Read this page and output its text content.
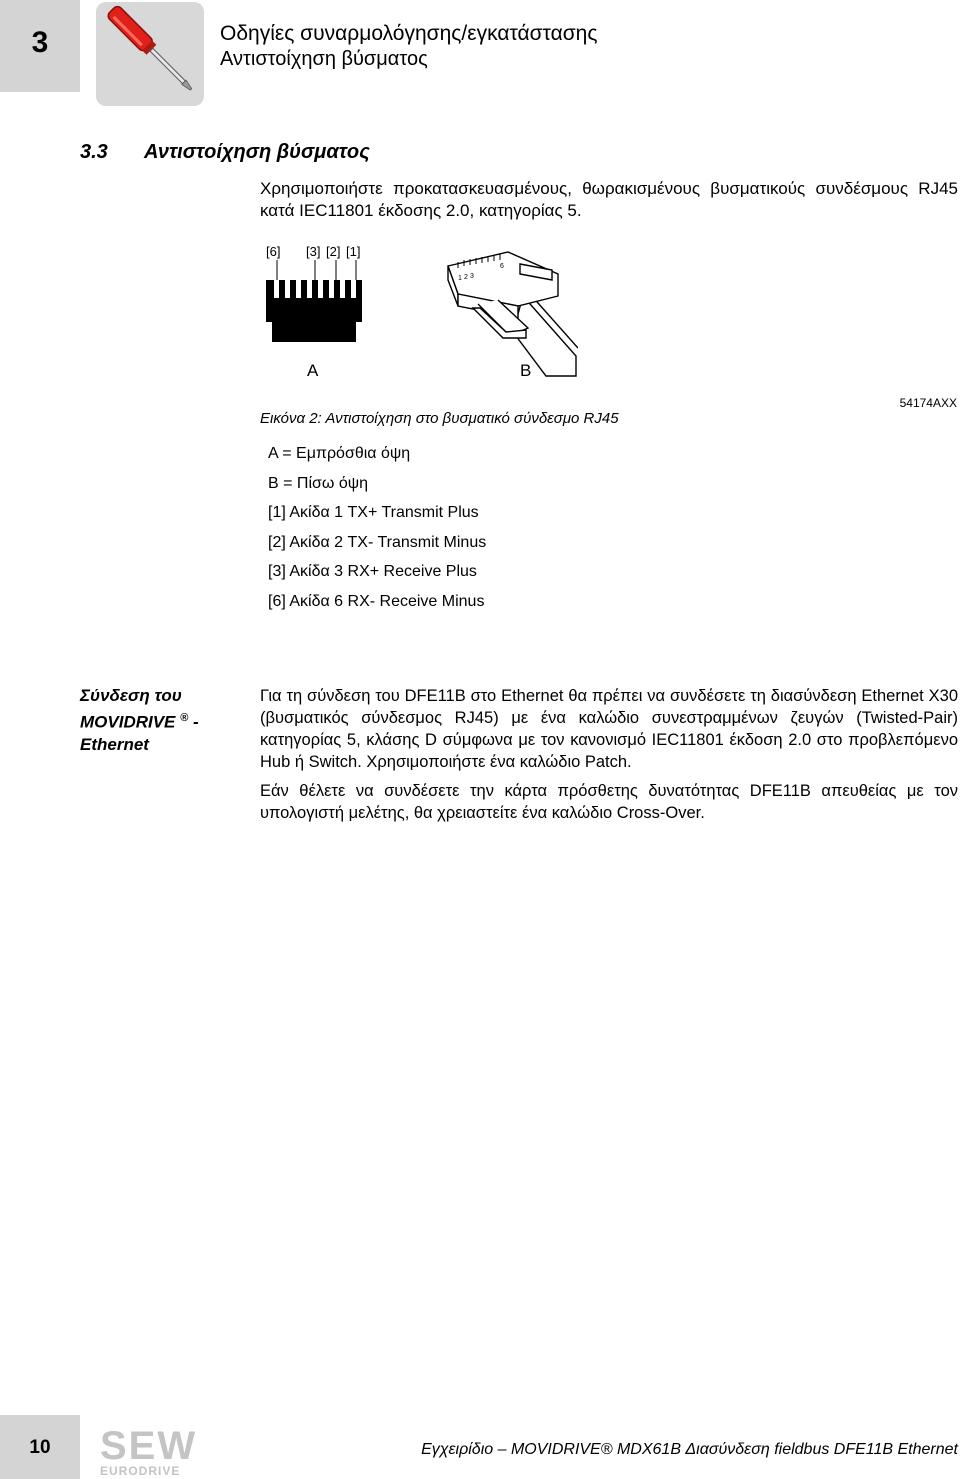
3	Οδηγίες συναρμολόγησης/εγκατάστασης
Αντιστοίχηση βύσματος
3.3 Αντιστοίχηση βύσματος
Χρησιμοποιήστε προκατασκευασμένους, θωρακισμένους βυσματικούς συνδέσμους RJ45 κατά IEC11801 έκδοσης 2.0, κατηγορίας 5.
[6] [3] [2] [1]
1 2 3
6
A	B
Εικόνα 2: Αντιστοίχηση στο βυσματικό σύνδεσμο RJ45
54174AXX
A = Εμπρόσθια όψη
B = Πίσω όψη
[1] Ακίδα 1 TX+ Transmit Plus
[2] Ακίδα 2 TX- Transmit Minus
[3] Ακίδα 3 RX+ Receive Plus
[6] Ακίδα 6 RX- Receive Minus
Σύνδεση του
MOVIDRIVE ® -
Ethernet

Για τη σύνδεση του DFE11B στο Ethernet θα πρέπει να συνδέσετε τη διασύνδεση Ethernet X30 (βυσματικός σύνδεσμος RJ45) με ένα καλώδιο συνεστραμμένων ζευγών (Twisted-Pair) κατηγορίας 5, κλάσης D σύμφωνα με τον κανονισμό IEC11801 έκδοση 2.0 στο προβλεπόμενο Hub ή Switch. Χρησιμοποιήστε ένα καλώδιο Patch.

Εάν θέλετε να συνδέσετε την κάρτα πρόσθετης δυνατότητας DFE11B απευθείας με τον υπολογιστή μελέτης, θα χρειαστείτε ένα καλώδιο Cross-Over.

10	SEW
EURODRIVE
Εγχειρίδιο – MOVIDRIVE® MDX61B Διασύνδεση fieldbus DFE11B Ethernet
